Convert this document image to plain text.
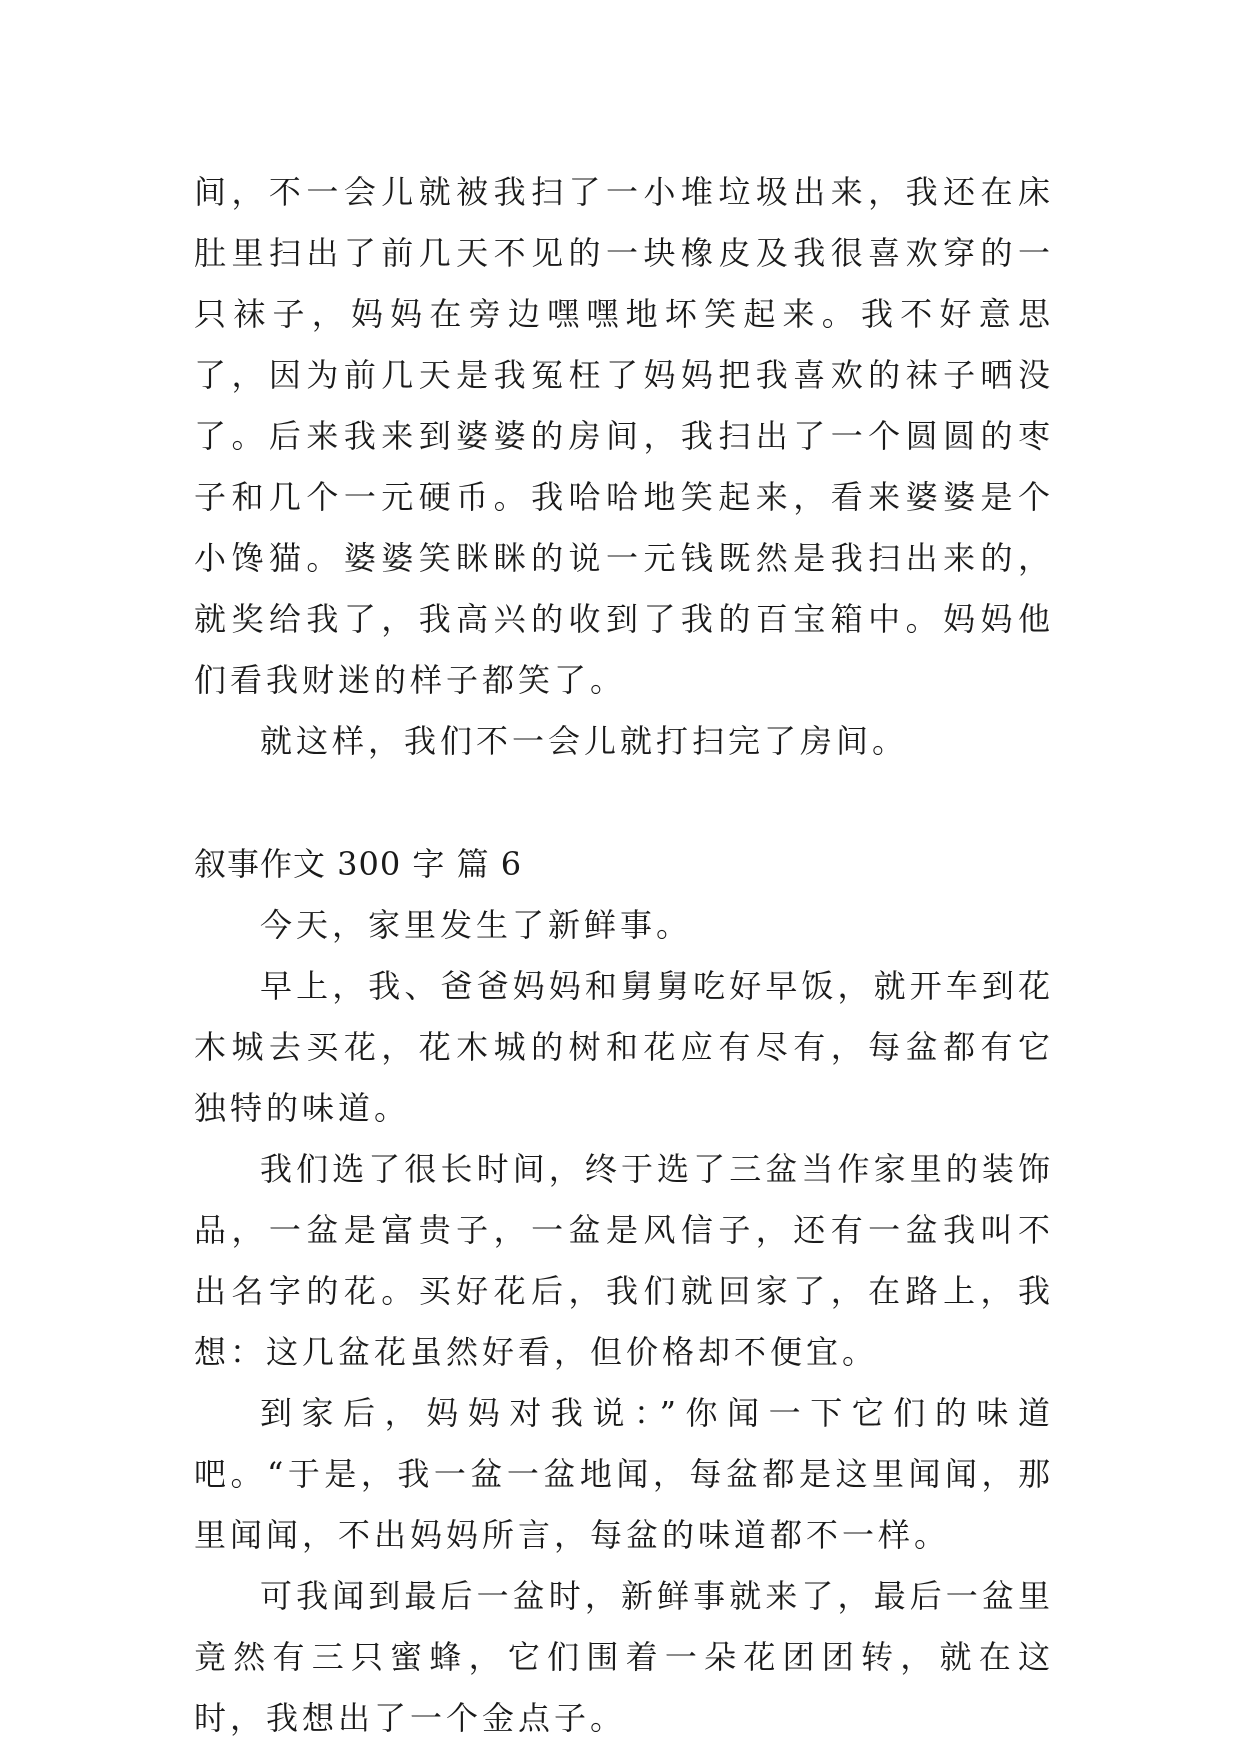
间，不一会儿就被我扫了一小堆垃圾出来，我还在床肚里扫出了前几天不见的一块橡皮及我很喜欢穿的一只袜子，妈妈在旁边嘿嘿地坏笑起来。我不好意思了，因为前几天是我冤枉了妈妈把我喜欢的袜子晒没了。后来我来到婆婆的房间，我扫出了一个圆圆的枣子和几个一元硬币。我哈哈地笑起来，看来婆婆是个小馋猫。婆婆笑眯眯的说一元钱既然是我扫出来的，就奖给我了，我高兴的收到了我的百宝箱中。妈妈他们看我财迷的样子都笑了。

就这样，我们不一会儿就打扫完了房间。

叙事作文 300 字 篇 6

今天，家里发生了新鲜事。

早上，我、爸爸妈妈和舅舅吃好早饭，就开车到花木城去买花，花木城的树和花应有尽有，每盆都有它独特的味道。

我们选了很长时间，终于选了三盆当作家里的装饰品，一盆是富贵子，一盆是风信子，还有一盆我叫不出名字的花。买好花后，我们就回家了，在路上，我想：这几盆花虽然好看，但价格却不便宜。

到家后，妈妈对我说：”你闻一下它们的味道吧。“于是，我一盆一盆地闻，每盆都是这里闻闻，那里闻闻，不出妈妈所言，每盆的味道都不一样。

可我闻到最后一盆时，新鲜事就来了，最后一盆里竟然有三只蜜蜂，它们围着一朵花团团转，就在这时，我想出了一个金点子。
